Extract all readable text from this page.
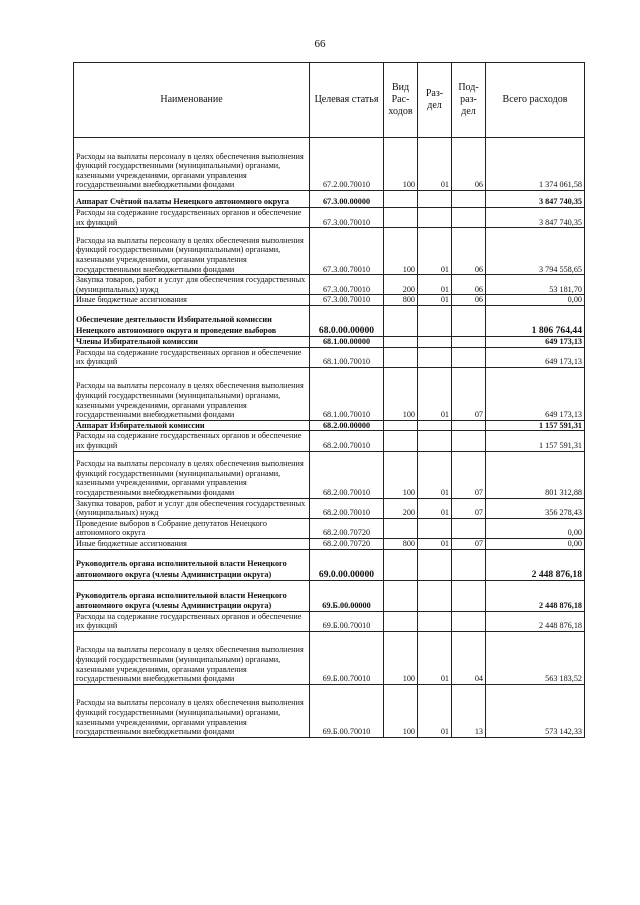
66
Наименование	Целевая статья	Вид Рас-ходов	Раз-дел	Под-раз-дел	Всего расходов
Расходы на выплаты персоналу в целях обеспечения выполнения функций государственными (муниципальными) органами, казенными учреждениями, органами управления государственными внебюджетными фондами	67.2.00.70010	100	01	06	1 374 061,58
Аппарат Счётной палаты Ненецкого автономного округа	67.3.00.00000				3 847 740,35
Расходы на содержание государственных органов и обеспечение их функций	67.3.00.70010				3 847 740,35
Расходы на выплаты персоналу в целях обеспечения выполнения функций государственными (муниципальными) органами, казенными учреждениями, органами управления государственными внебюджетными фондами	67.3.00.70010	100	01	06	3 794 558,65
Закупка товаров, работ и услуг для обеспечения государственных (муниципальных) нужд	67.3.00.70010	200	01	06	53 181,70
Иные бюджетные ассигнования	67.3.00.70010	800	01	06	0,00
Обеспечение деятельности Избирательной комиссии Ненецкого автономного округа и проведение выборов	68.0.00.00000				1 806 764,44
Члены Избирательной комиссии	68.1.00.00000				649 173,13
Расходы на содержание государственных органов и обеспечение их функций	68.1.00.70010				649 173,13
Расходы на выплаты персоналу в целях обеспечения выполнения функций государственными (муниципальными) органами, казенными учреждениями, органами управления государственными внебюджетными фондами	68.1.00.70010	100	01	07	649 173,13
Аппарат Избирательной комиссии	68.2.00.00000				1 157 591,31
Расходы на содержание государственных органов и обеспечение их функций	68.2.00.70010				1 157 591,31
Расходы на выплаты персоналу в целях обеспечения выполнения функций государственными (муниципальными) органами, казенными учреждениями, органами управления государственными внебюджетными фондами	68.2.00.70010	100	01	07	801 312,88
Закупка товаров, работ и услуг для обеспечения государственных (муниципальных) нужд	68.2.00.70010	200	01	07	356 278,43
Проведение выборов в Собрание депутатов Ненецкого автономного округа	68.2.00.70720				0,00
Иные бюджетные ассигнования	68.2.00.70720	800	01	07	0,00
Руководитель органа исполнительной власти Ненецкого автономного округа (члены Администрации округа)	69.0.00.00000				2 448 876,18
Руководитель органа исполнительной власти Ненецкого автономного округа (члены Администрации округа)	69.Б.00.00000				2 448 876,18
Расходы на содержание государственных органов и обеспечение их функций	69.Б.00.70010				2 448 876,18
Расходы на выплаты персоналу в целях обеспечения выполнения функций государственными (муниципальными) органами, казенными учреждениями, органами управления государственными внебюджетными фондами	69.Б.00.70010	100	01	04	563 183,52
Расходы на выплаты персоналу в целях обеспечения выполнения функций государственными (муниципальными) органами, казенными учреждениями, органами управления государственными внебюджетными фондами	69.Б.00.70010	100	01	13	573 142,33
